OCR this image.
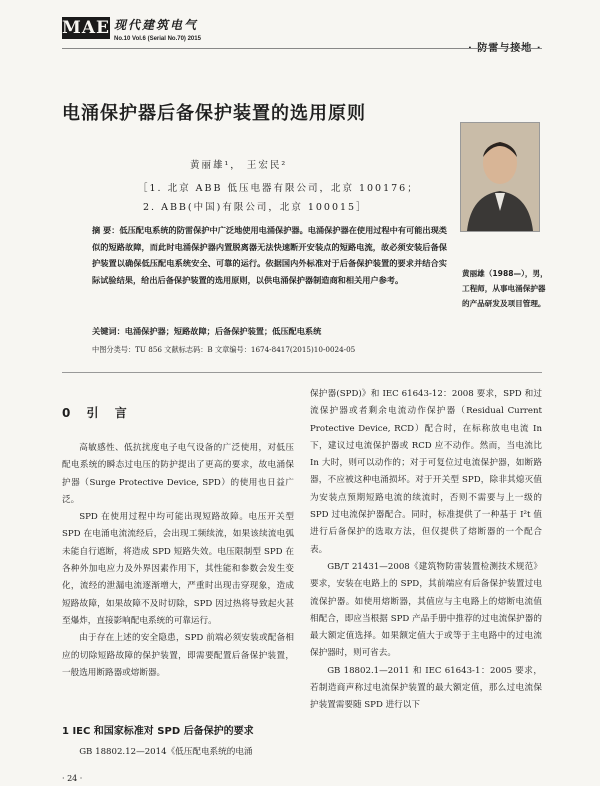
MAE 现代建筑电气
No.10 Vol.6 (Serial No.70) 2015
电涌保护器后备保护装置的选用原则
黄丽雄¹， 王宏民²
［1. 北京 ABB 低压电器有限公司，北京 100176；
2. ABB(中国)有限公司，北京 100015］
黄丽雄（1988—），男，工程师，从事电涌保护器的产品研发及项目管理。
摘 要：低压配电系统的防雷保护中广泛地使用电涌保护器。电涌保护器在使用过程中有可能出现类似的短路故障，而此时电涌保护器内置脱离器无法快速断开安装点的短路电流，故必须安装后备保护装置以确保低压配电系统安全、可靠的运行。依据国内外标准对于后备保护装置的要求并结合实际试验结果，给出后备保护装置的选用原则，以供电涌保护器制造商和相关用户参考。
关键词：电涌保护器；短路故障；后备保护装置；低压配电系统
中图分类号：TU 856 文献标志码：B 文章编号：1674-8417(2015)10-0024-05
0 引 言

高敏感性、低抗扰度电子电气设备的广泛使用，对低压配电系统的瞬态过电压的防护提出了更高的要求，故电涌保护器（Surge Protective Device, SPD）的使用也日益广泛。

SPD 在使用过程中均可能出现短路故障。电压开关型 SPD 在电涌电流流经后，会出现工频续流，如果该续流电弧未能自行遮断，将造成 SPD 短路失效。电压限制型 SPD 在各种外加电应力及外界因素作用下，其性能和参数会发生变化，流经的泄漏电流逐渐增大，严重时出现击穿现象，造成短路故障，如果故障不及时切除，SPD 因过热将导致起火甚至爆炸，直接影响配电系统的可靠运行。

由于存在上述的安全隐患，SPD 前端必须安装或配备相应的切除短路故障的保护装置，即需要配置后备保护装置，一般选用断路器或熔断器。

1 IEC 和国家标准对 SPD 后备保护的要求

GB 18802.12—2014《低压配电系统的电涌

保护器(SPD)》和 IEC 61643-12：2008 要求，SPD 和过流保护器或者剩余电流动作保护器（Residual Current Protective Device, RCD）配合时，在标称放电电流 In 下，建议过电流保护器或 RCD 应不动作。然而，当电流比 In 大时，则可以动作的；对于可复位过电流保护器，如断路器，不应被这种电涌损坏。对于开关型 SPD，除非其熄灭值为安装点预期短路电流的续流时，否则不需要与上一级的 SPD 过电流保护器配合。同时，标准提供了一种基于 I²t 值进行后备保护的选取方法，但仅提供了熔断器的一个配合表。

GB/T 21431—2008《建筑物防雷装置检测技术规范》要求，安装在电路上的 SPD，其前端应有后备保护装置过电流保护器。如使用熔断器，其值应与主电路上的熔断电流值相配合，即应当根据 SPD 产品手册中推荐的过电流保护器的最大额定值选择。如果额定值大于或等于主电路中的过电流保护器时，则可省去。

GB 18802.1—2011 和 IEC 61643-1：2005 要求，若制造商声称过电流保护装置的最大额定值，那么过电流保护装置需要随 SPD 进行以下

· 24 ·
